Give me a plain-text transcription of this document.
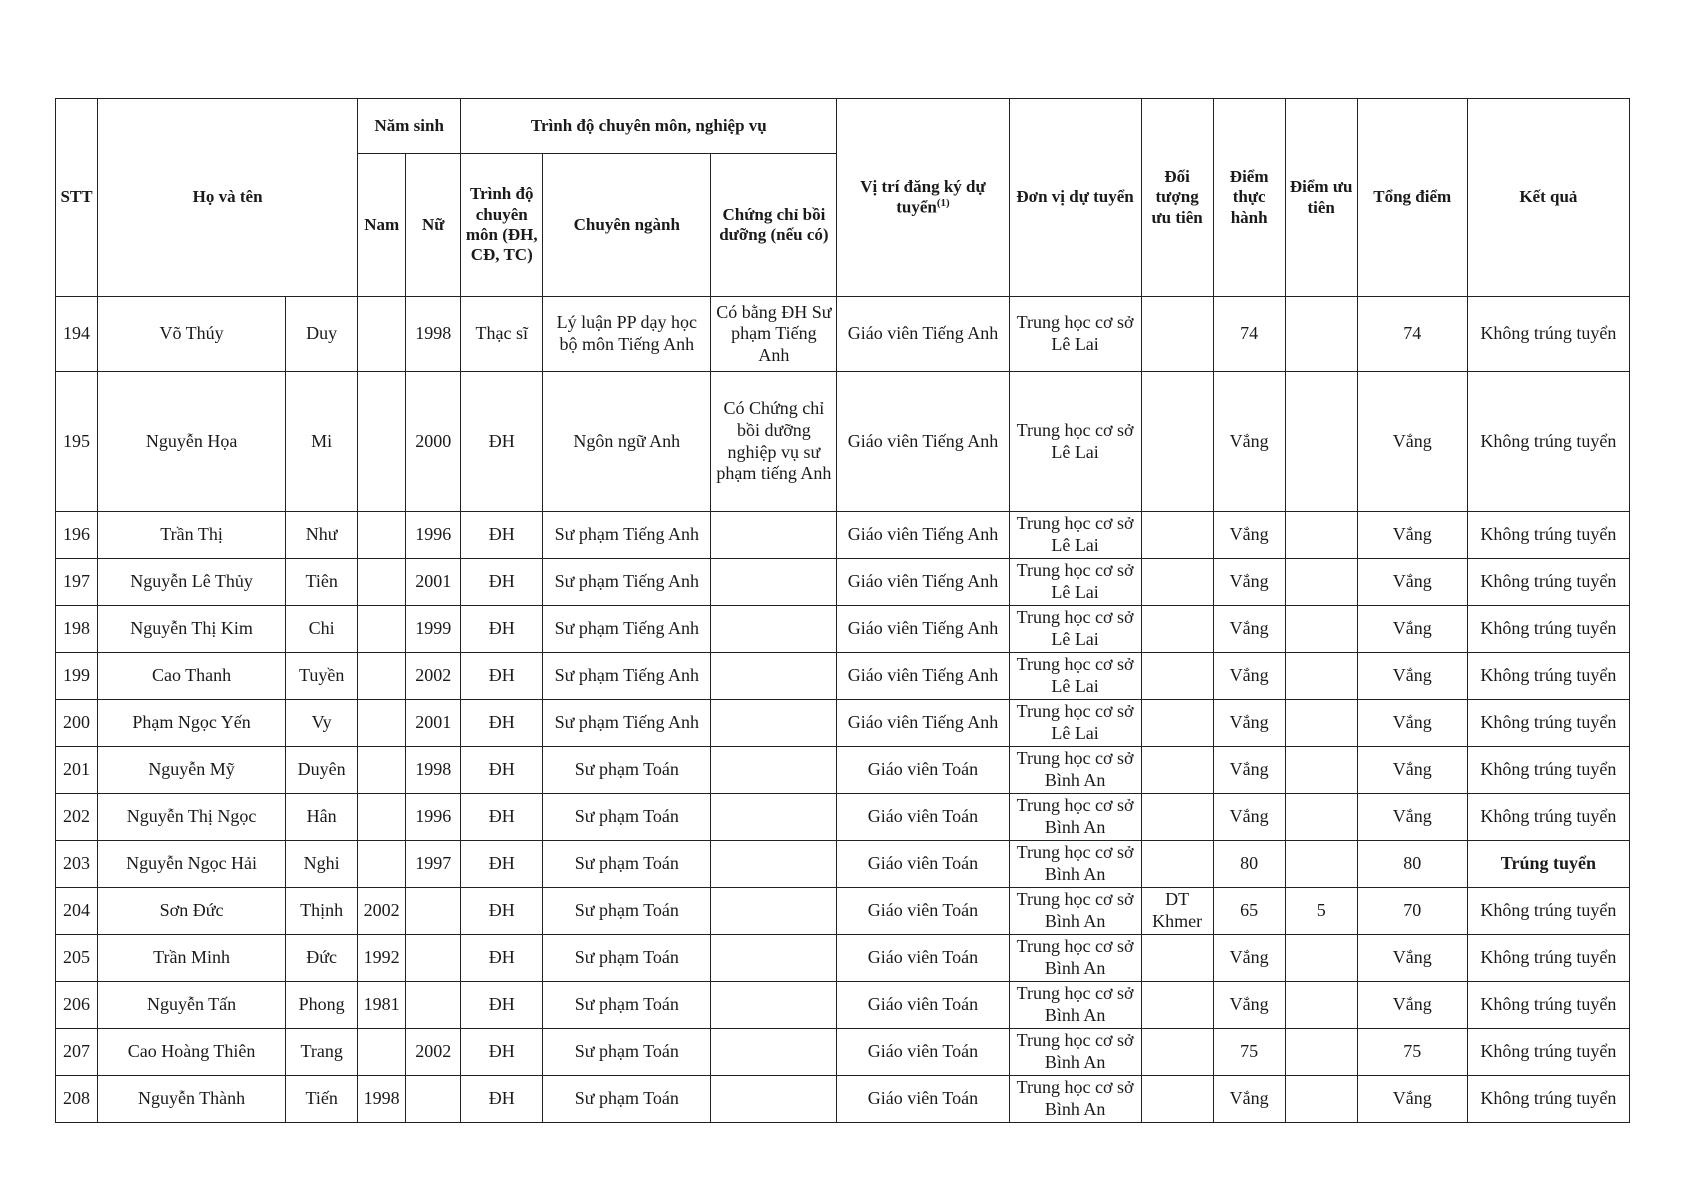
STT	Họ và tên		Năm sinh		Trình độ chuyên môn, nghiệp vụ			Vị trí đăng ký dự tuyển$^{(1)}$	Đơn vị dự tuyển	Đối tượng ưu tiên	Điểm thực hành	Điểm ưu tiên	Tổng điểm	Kết quả
			Nam	Nữ	Trình độ chuyên môn (ĐH, CĐ, TC)	Chuyên ngành	Chứng chỉ bồi dưỡng (nếu có)							
194	Võ Thúy	Duy		1998	Thạc sĩ	Lý luận PP dạy học bộ môn Tiếng Anh	Có bằng ĐH Sư phạm Tiếng Anh	Giáo viên Tiếng Anh	Trung học cơ sở Lê Lai		74		74	Không trúng tuyển
195	Nguyễn Họa	Mi		2000	ĐH	Ngôn ngữ Anh	Có Chứng chỉ bồi dưỡng nghiệp vụ sư phạm tiếng Anh	Giáo viên Tiếng Anh	Trung học cơ sở Lê Lai		Vắng		Vắng	Không trúng tuyển
196	Trần Thị	Như		1996	ĐH	Sư phạm Tiếng Anh		Giáo viên Tiếng Anh	Trung học cơ sở Lê Lai		Vắng		Vắng	Không trúng tuyển
197	Nguyễn Lê Thủy	Tiên		2001	ĐH	Sư phạm Tiếng Anh		Giáo viên Tiếng Anh	Trung học cơ sở Lê Lai		Vắng		Vắng	Không trúng tuyển
198	Nguyễn Thị Kim	Chi		1999	ĐH	Sư phạm Tiếng Anh		Giáo viên Tiếng Anh	Trung học cơ sở Lê Lai		Vắng		Vắng	Không trúng tuyển
199	Cao Thanh	Tuyền		2002	ĐH	Sư phạm Tiếng Anh		Giáo viên Tiếng Anh	Trung học cơ sở Lê Lai		Vắng		Vắng	Không trúng tuyển
200	Phạm Ngọc Yến	Vy		2001	ĐH	Sư phạm Tiếng Anh		Giáo viên Tiếng Anh	Trung học cơ sở Lê Lai		Vắng		Vắng	Không trúng tuyển
201	Nguyễn Mỹ	Duyên		1998	ĐH	Sư phạm Toán		Giáo viên Toán	Trung học cơ sở Bình An		Vắng		Vắng	Không trúng tuyển
202	Nguyễn Thị Ngọc	Hân		1996	ĐH	Sư phạm Toán		Giáo viên Toán	Trung học cơ sở Bình An		Vắng		Vắng	Không trúng tuyển
203	Nguyễn Ngọc Hải	Nghi		1997	ĐH	Sư phạm Toán		Giáo viên Toán	Trung học cơ sở Bình An		80		80	Trúng tuyển
204	Sơn Đức	Thịnh	2002		ĐH	Sư phạm Toán		Giáo viên Toán	Trung học cơ sở Bình An	DT Khmer	65	5	70	Không trúng tuyển
205	Trần Minh	Đức	1992		ĐH	Sư phạm Toán		Giáo viên Toán	Trung học cơ sở Bình An		Vắng		Vắng	Không trúng tuyển
206	Nguyễn Tấn	Phong	1981		ĐH	Sư phạm Toán		Giáo viên Toán	Trung học cơ sở Bình An		Vắng		Vắng	Không trúng tuyển
207	Cao Hoàng Thiên	Trang		2002	ĐH	Sư phạm Toán		Giáo viên Toán	Trung học cơ sở Bình An		75		75	Không trúng tuyển
208	Nguyễn Thành	Tiến	1998		ĐH	Sư phạm Toán		Giáo viên Toán	Trung học cơ sở Bình An		Vắng		Vắng	Không trúng tuyển
